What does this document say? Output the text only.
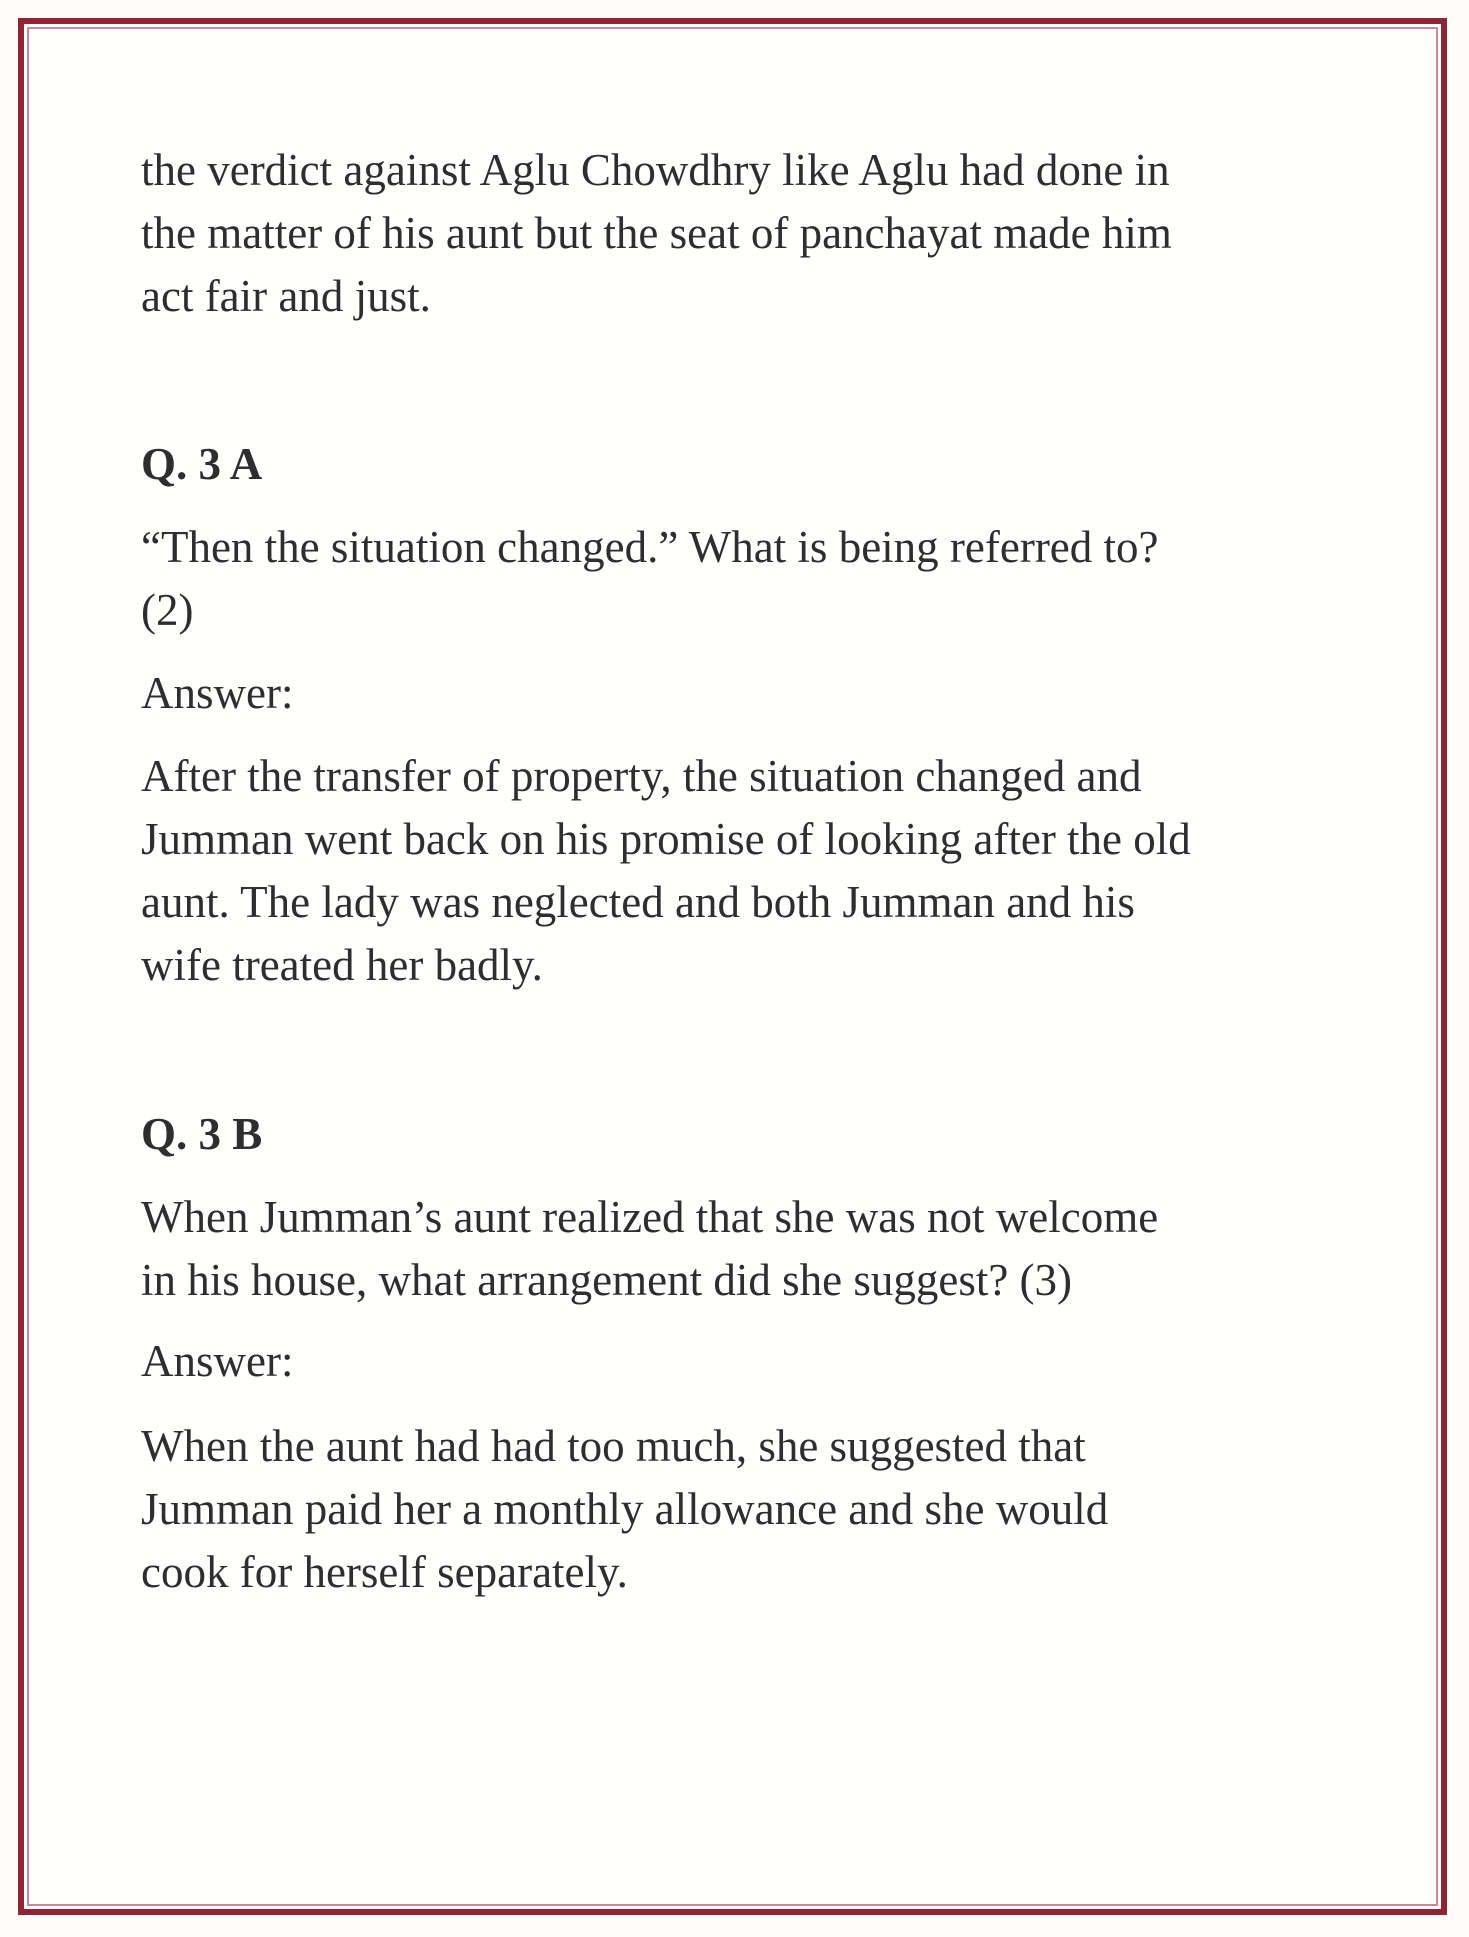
the verdict against Aglu Chowdhry like Aglu had done in
the matter of his aunt but the seat of panchayat made him
act fair and just.
Q. 3 A
“Then the situation changed.” What is being referred to?
(2)
Answer:
After the transfer of property, the situation changed and
Jumman went back on his promise of looking after the old
aunt. The lady was neglected and both Jumman and his
wife treated her badly.
Q. 3 B
When Jumman’s aunt realized that she was not welcome
in his house, what arrangement did she suggest? (3)
Answer:
When the aunt had had too much, she suggested that
Jumman paid her a monthly allowance and she would
cook for herself separately.
